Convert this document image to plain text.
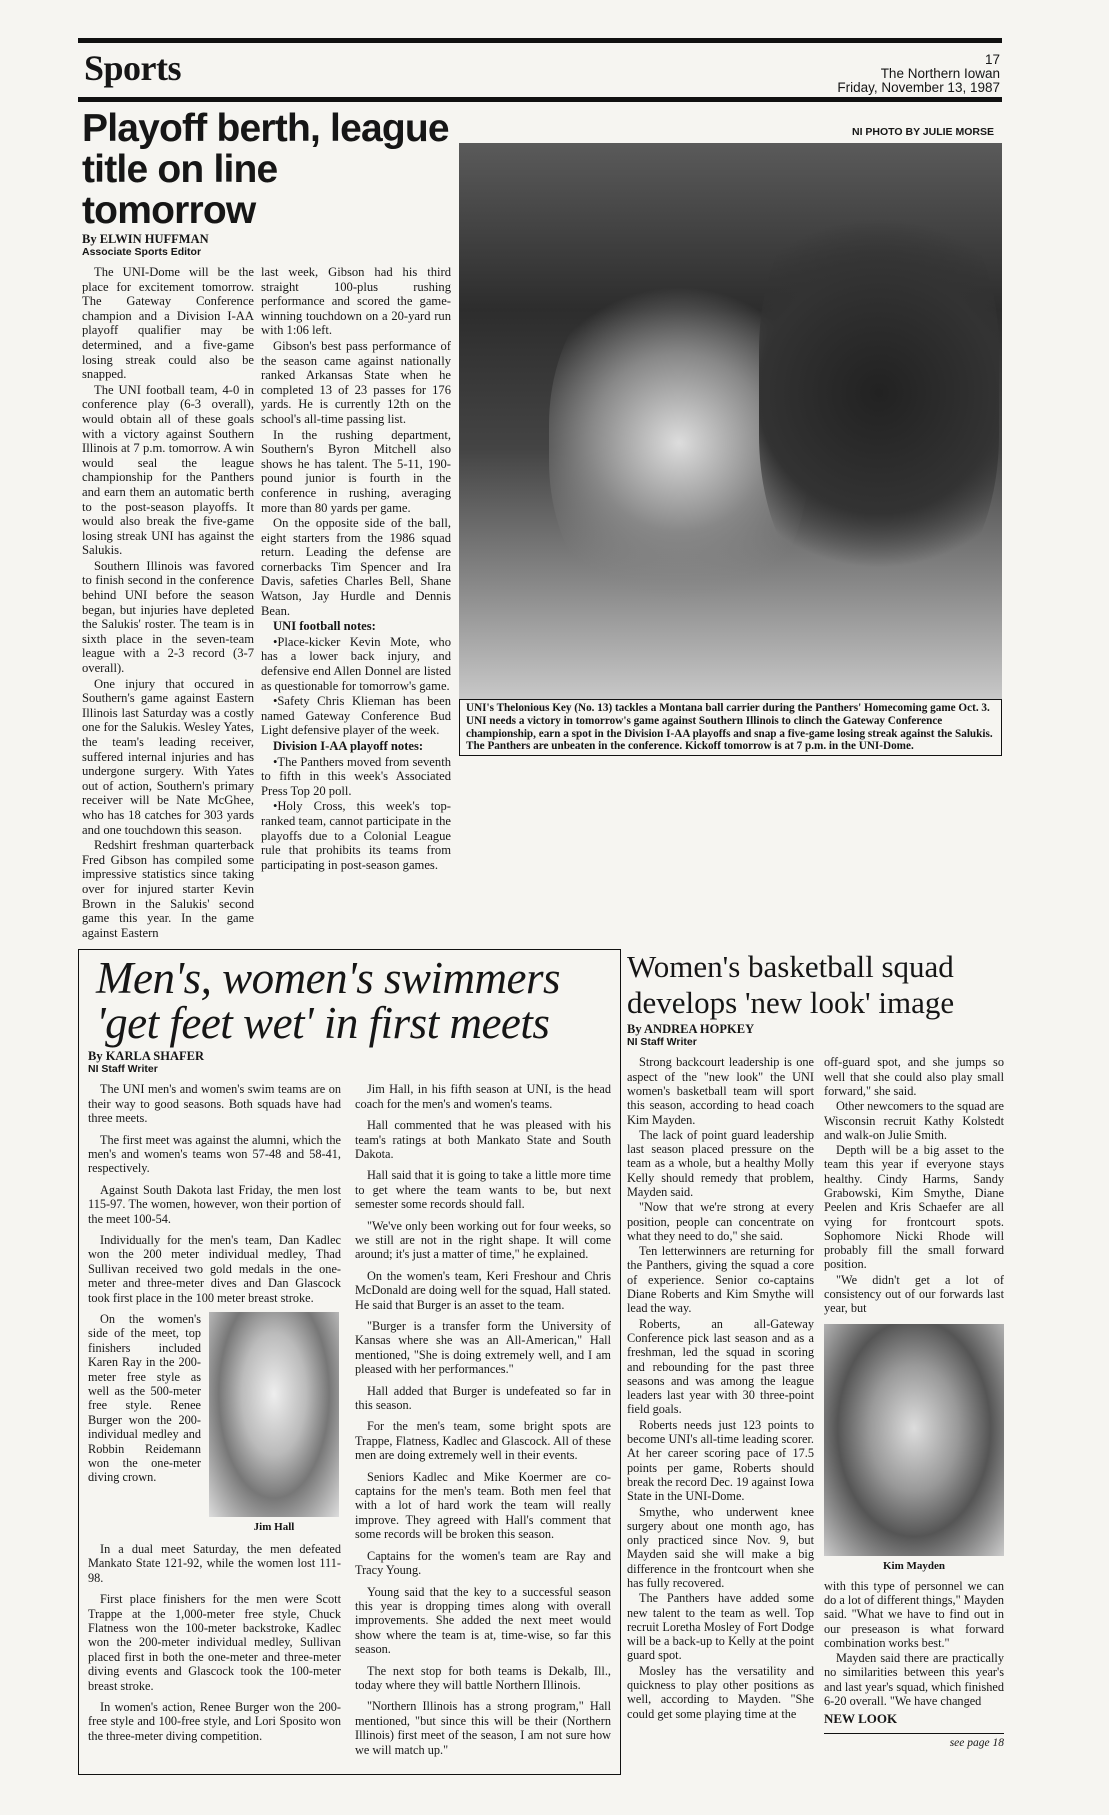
Sports	17
The Northern Iowan
Friday, November 13, 1987
Playoff berth, league
title on line tomorrow
By ELWIN HUFFMAN
Associate Sports Editor

The UNI-Dome will be the place for excitement tomorrow. The Gateway Conference champion and a Division I-AA playoff qualifier may be determined, and a five-game losing streak could also be snapped.

The UNI football team, 4-0 in conference play (6-3 overall), would obtain all of these goals with a victory against Southern Illinois at 7 p.m. tomorrow. A win would seal the league championship for the Panthers and earn them an automatic berth to the post-season playoffs. It would also break the five-game losing streak UNI has against the Salukis.

Southern Illinois was favored to finish second in the conference behind UNI before the season began, but injuries have depleted the Salukis' roster. The team is in sixth place in the seven-team league with a 2-3 record (3-7 overall).

One injury that occured in Southern's game against Eastern Illinois last Saturday was a costly one for the Salukis. Wesley Yates, the team's leading receiver, suffered internal injuries and has undergone surgery. With Yates out of action, Southern's primary receiver will be Nate McGhee, who has 18 catches for 303 yards and one touchdown this season.

Redshirt freshman quarterback Fred Gibson has compiled some impressive statistics since taking over for injured starter Kevin Brown in the Salukis' second game this year. In the game against Eastern

last week, Gibson had his third straight 100-plus rushing performance and scored the game-winning touchdown on a 20-yard run with 1:06 left.

Gibson's best pass performance of the season came against nationally ranked Arkansas State when he completed 13 of 23 passes for 176 yards. He is currently 12th on the school's all-time passing list.

In the rushing department, Southern's Byron Mitchell also shows he has talent. The 5-11, 190-pound junior is fourth in the conference in rushing, averaging more than 80 yards per game.

On the opposite side of the ball, eight starters from the 1986 squad return. Leading the defense are cornerbacks Tim Spencer and Ira Davis, safeties Charles Bell, Shane Watson, Jay Hurdle and Dennis Bean.

UNI football notes:

•Place-kicker Kevin Mote, who has a lower back injury, and defensive end Allen Donnel are listed as questionable for tomorrow's game.

•Safety Chris Klieman has been named Gateway Conference Bud Light defensive player of the week.

Division I-AA playoff notes:

•The Panthers moved from seventh to fifth in this week's Associated Press Top 20 poll.

•Holy Cross, this week's top-ranked team, cannot participate in the playoffs due to a Colonial League rule that prohibits its teams from participating in post-season games.

NI PHOTO BY JULIE MORSE
UNI's Thelonious Key (No. 13) tackles a Montana ball carrier during the Panthers' Homecoming game Oct. 3. UNI needs a victory in tomorrow's game against Southern Illinois to clinch the Gateway Conference championship, earn a spot in the Division I-AA playoffs and snap a five-game losing streak against the Salukis. The Panthers are unbeaten in the conference. Kickoff tomorrow is at 7 p.m. in the UNI-Dome.
Men's, women's swimmers
'get feet wet' in first meets
By KARLA SHAFER
NI Staff Writer

The UNI men's and women's swim teams are on their way to good seasons. Both squads have had three meets.

The first meet was against the alumni, which the men's and women's teams won 57-48 and 58-41, respectively.

Against South Dakota last Friday, the men lost 115-97. The women, however, won their portion of the meet 100-54.

Individually for the men's team, Dan Kadlec won the 200 meter individual medley, Thad Sullivan received two gold medals in the one-meter and three-meter dives and Dan Glascock took first place in the 100 meter breast stroke.

On the women's side of the meet, top finishers included Karen Ray in the 200-meter free style as well as the 500-meter free style. Renee Burger won the 200-individual medley and Robbin Reidemann won the one-meter diving crown.

Jim Hall

In a dual meet Saturday, the men defeated Mankato State 121-92, while the women lost 111-98.

First place finishers for the men were Scott Trappe at the 1,000-meter free style, Chuck Flatness won the 100-meter backstroke, Kadlec won the 200-meter individual medley, Sullivan placed first in both the one-meter and three-meter diving events and Glascock took the 100-meter breast stroke.

In women's action, Renee Burger won the 200-free style and 100-free style, and Lori Sposito won the three-meter diving competition.

Jim Hall, in his fifth season at UNI, is the head coach for the men's and women's teams.

Hall commented that he was pleased with his team's ratings at both Mankato State and South Dakota.

Hall said that it is going to take a little more time to get where the team wants to be, but next semester some records should fall.

"We've only been working out for four weeks, so we still are not in the right shape. It will come around; it's just a matter of time," he explained.

On the women's team, Keri Freshour and Chris McDonald are doing well for the squad, Hall stated. He said that Burger is an asset to the team.

"Burger is a transfer form the University of Kansas where she was an All-American," Hall mentioned, "She is doing extremely well, and I am pleased with her performances."

Hall added that Burger is undefeated so far in this season.

For the men's team, some bright spots are Trappe, Flatness, Kadlec and Glascock. All of these men are doing extremely well in their events.

Seniors Kadlec and Mike Koermer are co-captains for the men's team. Both men feel that with a lot of hard work the team will really improve. They agreed with Hall's comment that some records will be broken this season.

Captains for the women's team are Ray and Tracy Young.

Young said that the key to a successful season this year is dropping times along with overall improvements. She added the next meet would show where the team is at, time-wise, so far this season.

The next stop for both teams is Dekalb, Ill., today where they will battle Northern Illinois.

"Northern Illinois has a strong program," Hall mentioned, "but since this will be their (Northern Illinois) first meet of the season, I am not sure how we will match up."

Women's basketball squad
develops 'new look' image
By ANDREA HOPKEY
NI Staff Writer

Strong backcourt leadership is one aspect of the "new look" the UNI women's basketball team will sport this season, according to head coach Kim Mayden.

The lack of point guard leadership last season placed pressure on the team as a whole, but a healthy Molly Kelly should remedy that problem, Mayden said.

"Now that we're strong at every position, people can concentrate on what they need to do," she said.

Ten letterwinners are returning for the Panthers, giving the squad a core of experience. Senior co-captains Diane Roberts and Kim Smythe will lead the way.

Roberts, an all-Gateway Conference pick last season and as a freshman, led the squad in scoring and rebounding for the past three seasons and was among the league leaders last year with 30 three-point field goals.

Roberts needs just 123 points to become UNI's all-time leading scorer. At her career scoring pace of 17.5 points per game, Roberts should break the record Dec. 19 against Iowa State in the UNI-Dome.

Smythe, who underwent knee surgery about one month ago, has only practiced since Nov. 9, but Mayden said she will make a big difference in the frontcourt when she has fully recovered.

The Panthers have added some new talent to the team as well. Top recruit Loretha Mosley of Fort Dodge will be a back-up to Kelly at the point guard spot.

Mosley has the versatility and quickness to play other positions as well, according to Mayden. "She could get some playing time at the

off-guard spot, and she jumps so well that she could also play small forward," she said.

Other newcomers to the squad are Wisconsin recruit Kathy Kolstedt and walk-on Julie Smith.

Depth will be a big asset to the team this year if everyone stays healthy. Cindy Harms, Sandy Grabowski, Kim Smythe, Diane Peelen and Kris Schaefer are all vying for frontcourt spots. Sophomore Nicki Rhode will probably fill the small forward position.

"We didn't get a lot of consistency out of our forwards last year, but

Kim Mayden

with this type of personnel we can do a lot of different things," Mayden said. "What we have to find out in our preseason is what forward combination works best."

Mayden said there are practically no similarities between this year's and last year's squad, which finished 6-20 overall. "We have changed

NEW LOOK
see page 18
